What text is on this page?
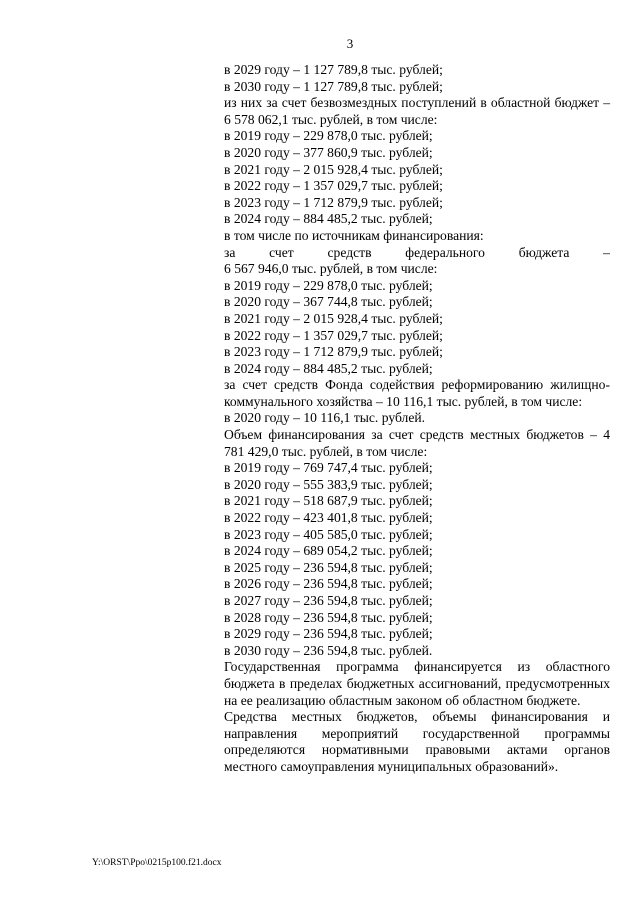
3

в 2029 году – 1 127 789,8 тыс. рублей;

в 2030 году – 1 127 789,8 тыс. рублей;

из них за счет безвозмездных поступлений в областной бюджет – 6 578 062,1 тыс. рублей, в том числе:

в 2019 году – 229 878,0 тыс. рублей;

в 2020 году – 377 860,9 тыс. рублей;

в 2021 году – 2 015 928,4 тыс. рублей;

в 2022 году – 1 357 029,7 тыс. рублей;

в 2023 году – 1 712 879,9 тыс. рублей;

в 2024 году – 884 485,2 тыс. рублей;

в том числе по источникам финансирования:

за счет средств федерального бюджета –

6 567 946,0 тыс. рублей, в том числе:

в 2019 году – 229 878,0 тыс. рублей;

в 2020 году – 367 744,8 тыс. рублей;

в 2021 году – 2 015 928,4 тыс. рублей;

в 2022 году – 1 357 029,7 тыс. рублей;

в 2023 году – 1 712 879,9 тыс. рублей;

в 2024 году – 884 485,2 тыс. рублей;

за счет средств Фонда содействия реформированию жилищно-коммунального хозяйства – 10 116,1 тыс. рублей, в том числе:

в 2020 году – 10 116,1 тыс. рублей.

Объем финансирования за счет средств местных бюджетов – 4 781 429,0 тыс. рублей, в том числе:

в 2019 году – 769 747,4 тыс. рублей;

в 2020 году – 555 383,9 тыс. рублей;

в 2021 году – 518 687,9 тыс. рублей;

в 2022 году – 423 401,8 тыс. рублей;

в 2023 году – 405 585,0 тыс. рублей;

в 2024 году – 689 054,2 тыс. рублей;

в 2025 году – 236 594,8 тыс. рублей;

в 2026 году – 236 594,8 тыс. рублей;

в 2027 году – 236 594,8 тыс. рублей;

в 2028 году – 236 594,8 тыс. рублей;

в 2029 году – 236 594,8 тыс. рублей;

в 2030 году – 236 594,8 тыс. рублей.

Государственная программа финансируется из областного бюджета в пределах бюджетных ассигнований, предусмотренных на ее реализацию областным законом об областном бюджете.

Средства местных бюджетов, объемы финансирования и направления мероприятий государственной программы определяются нормативными правовыми актами органов местного самоуправления муниципальных образований».

Y:\ORST\Ppo\0215p100.f21.docx
